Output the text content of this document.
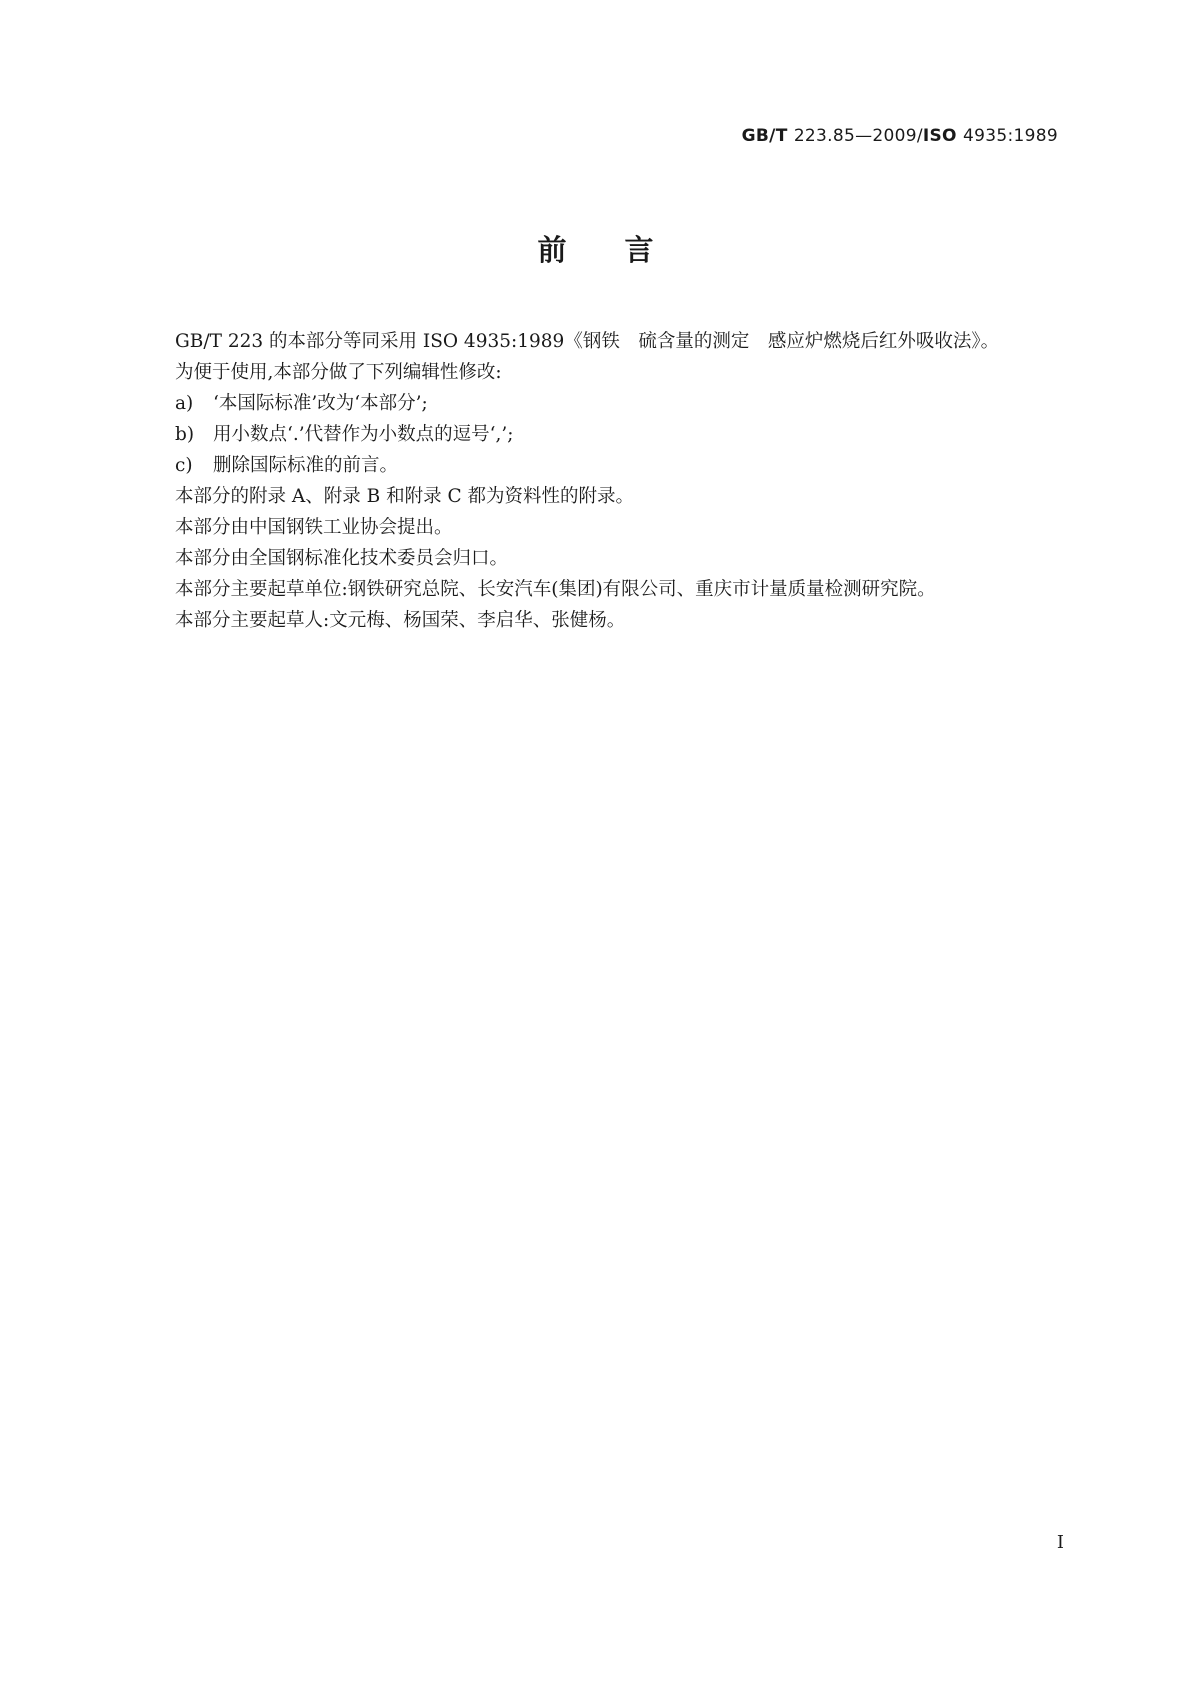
GB/T 223.85—2009/ISO 4935:1989
前言
GB/T 223 的本部分等同采用 ISO 4935:1989《钢铁　硫含量的测定　感应炉燃烧后红外吸收法》。
为便于使用,本部分做了下列编辑性修改:
a) ‘本国际标准’改为‘本部分’;
b) 用小数点‘.’代替作为小数点的逗号‘,’;
c) 删除国际标准的前言。
本部分的附录 A、附录 B 和附录 C 都为资料性的附录。
本部分由中国钢铁工业协会提出。
本部分由全国钢标准化技术委员会归口。
本部分主要起草单位:钢铁研究总院、长安汽车(集团)有限公司、重庆市计量质量检测研究院。
本部分主要起草人:文元梅、杨国荣、李启华、张健杨。
I
